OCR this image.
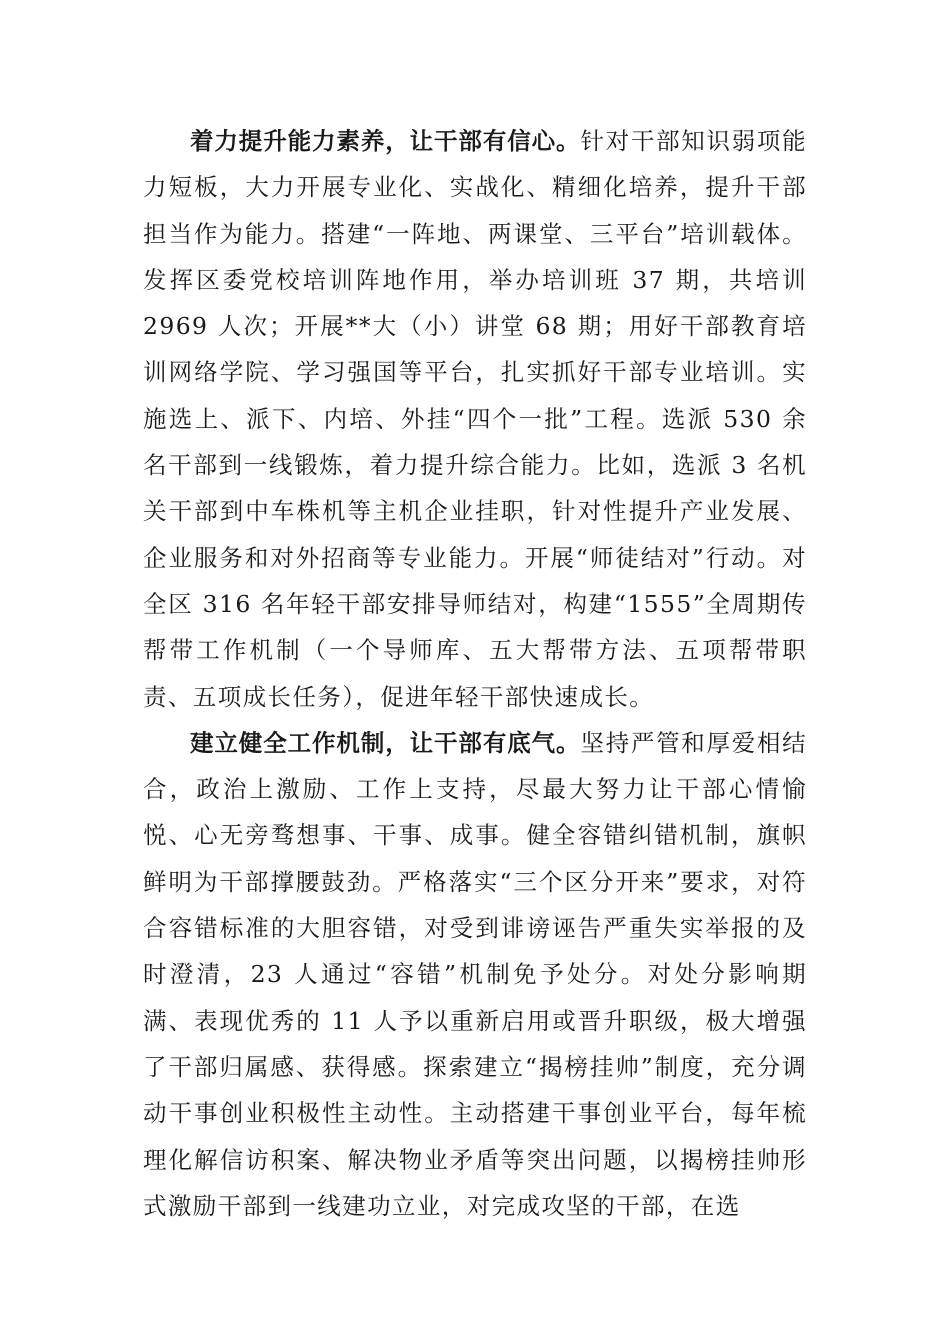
着力提升能力素养，让干部有信心。针对干部知识弱项能力短板，大力开展专业化、实战化、精细化培养，提升干部担当作为能力。搭建“一阵地、两课堂、三平台”培训载体。发挥区委党校培训阵地作用，举办培训班 37 期，共培训 2969 人次；开展**大（小）讲堂 68 期；用好干部教育培训网络学院、学习强国等平台，扎实抓好干部专业培训。实施选上、派下、内培、外挂“四个一批”工程。选派 530 余名干部到一线锻炼，着力提升综合能力。比如，选派 3 名机关干部到中车株机等主机企业挂职，针对性提升产业发展、企业服务和对外招商等专业能力。开展“师徒结对”行动。对全区 316 名年轻干部安排导师结对，构建“1555”全周期传帮带工作机制（一个导师库、五大帮带方法、五项帮带职责、五项成长任务），促进年轻干部快速成长。

建立健全工作机制，让干部有底气。坚持严管和厚爱相结合，政治上激励、工作上支持，尽最大努力让干部心情愉悦、心无旁骛想事、干事、成事。健全容错纠错机制，旗帜鲜明为干部撑腰鼓劲。严格落实“三个区分开来”要求，对符合容错标准的大胆容错，对受到诽谤诬告严重失实举报的及时澄清，23 人通过“容错”机制免予处分。对处分影响期满、表现优秀的 11 人予以重新启用或晋升职级，极大增强了干部归属感、获得感。探索建立“揭榜挂帅”制度，充分调动干事创业积极性主动性。主动搭建干事创业平台，每年梳理化解信访积案、解决物业矛盾等突出问题，以揭榜挂帅形式激励干部到一线建功立业，对完成攻坚的干部，在选
